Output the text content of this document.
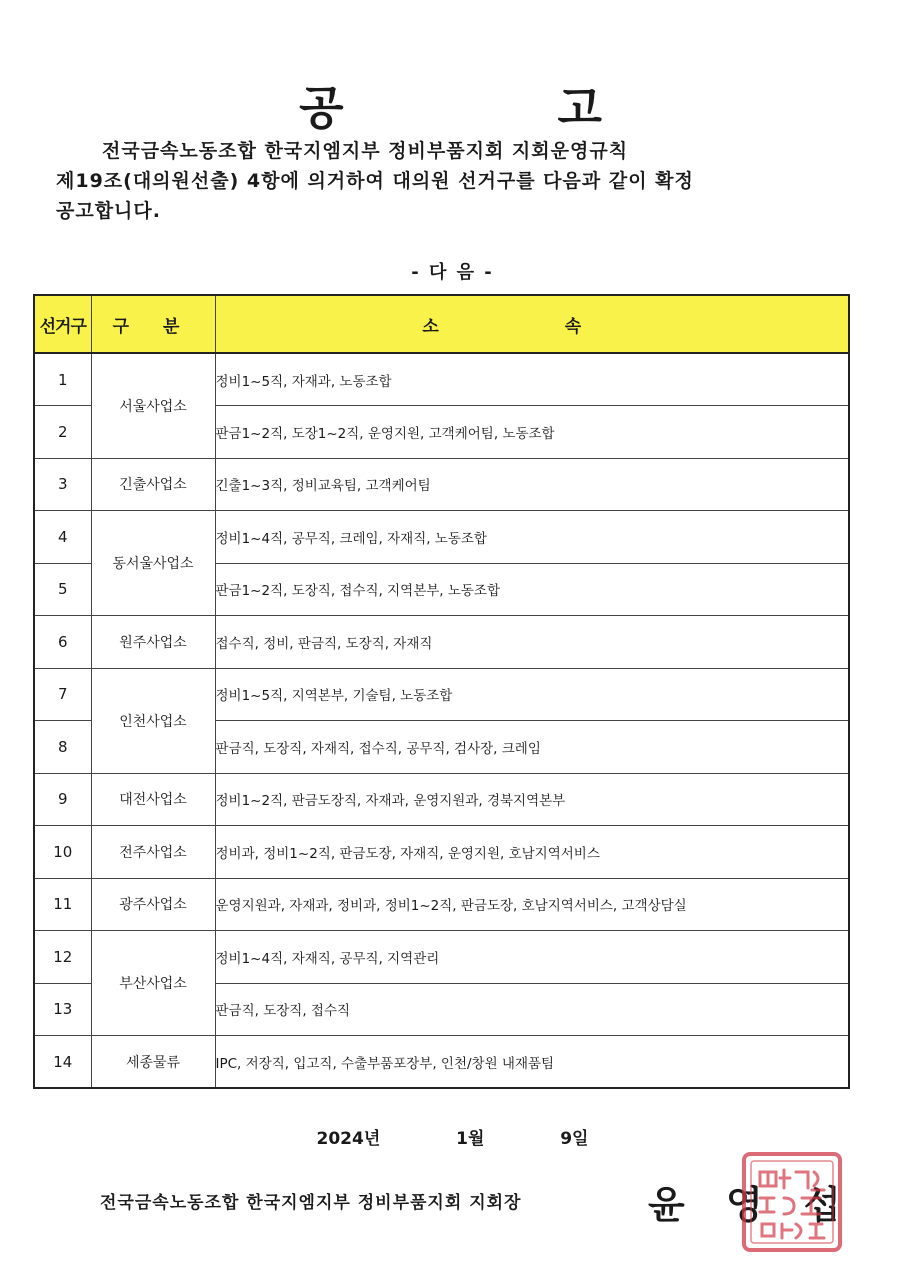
공	고
전국금속노동조합 한국지엠지부 정비부품지회 지회운영규칙
제19조(대의원선출) 4항에 의거하여 대의원 선거구를 다음과 같이 확정
공고합니다.
- 다 음 -
선거구	구 분	소 속
1	서울사업소	정비1~5직, 자재과, 노동조합
2		판금1~2직, 도장1~2직, 운영지원, 고객케어팀, 노동조합
3	긴출사업소	긴출1~3직, 정비교육팀, 고객케어팀
4	동서울사업소	정비1~4직, 공무직, 크레임, 자재직, 노동조합
5		판금1~2직, 도장직, 접수직, 지역본부, 노동조합
6	원주사업소	접수직, 정비, 판금직, 도장직, 자재직
7	인천사업소	정비1~5직, 지역본부, 기술팀, 노동조합
8		판금직, 도장직, 자재직, 접수직, 공무직, 검사장, 크레임
9	대전사업소	정비1~2직, 판금도장직, 자재과, 운영지원과, 경북지역본부
10	전주사업소	정비과, 정비1~2직, 판금도장, 자재직, 운영지원, 호남지역서비스
11	광주사업소	운영지원과, 자재과, 정비과, 정비1~2직, 판금도장, 호남지역서비스, 고객상담실
12	부산사업소	정비1~4직, 자재직, 공무직, 지역관리
13		판금직, 도장직, 접수직
14	세종물류	IPC, 저장직, 입고직, 수출부품포장부, 인천/창원 내재품팀
2024년	1월	9일
전국금속노동조합 한국지엠지부 정비부품지회 지회장	윤 영 섭
